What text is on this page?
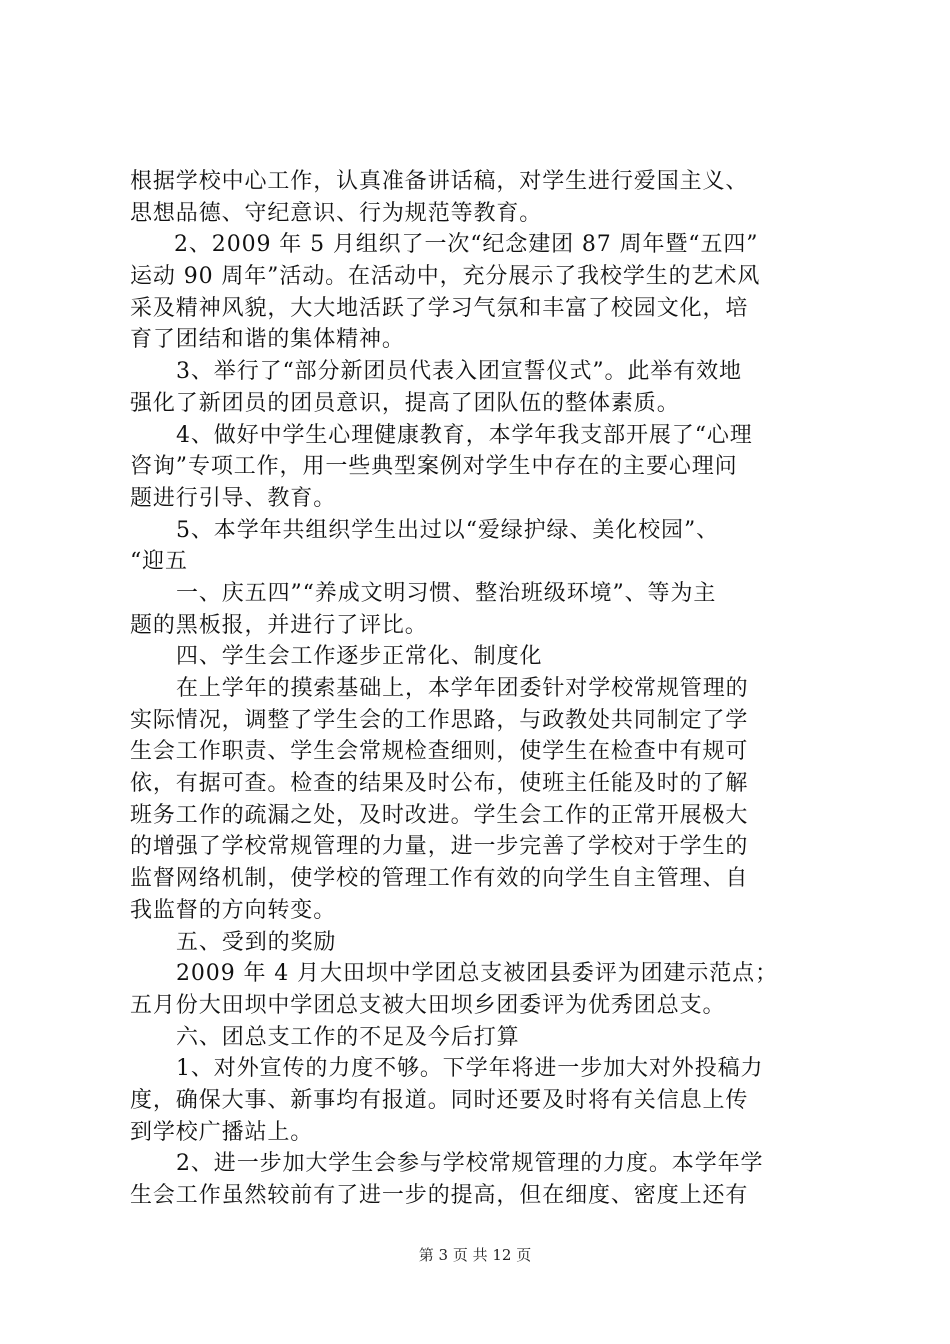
根据学校中心工作，认真准备讲话稿，对学生进行爱国主义、
思想品德、守纪意识、行为规范等教育。
2、2009 年 5 月组织了一次“纪念建团 87 周年暨“五四”
运动 90 周年”活动。在活动中，充分展示了我校学生的艺术风
采及精神风貌，大大地活跃了学习气氛和丰富了校园文化，培
育了团结和谐的集体精神。
3、举行了“部分新团员代表入团宣誓仪式”。此举有效地
强化了新团员的团员意识，提高了团队伍的整体素质。
4、做好中学生心理健康教育，本学年我支部开展了“心理
咨询”专项工作，用一些典型案例对学生中存在的主要心理问
题进行引导、教育。
5、本学年共组织学生出过以“爱绿护绿、美化校园”、
“迎五
一、庆五四”“养成文明习惯、整治班级环境”、等为主
题的黑板报，并进行了评比。
四、学生会工作逐步正常化、制度化
在上学年的摸索基础上，本学年团委针对学校常规管理的
实际情况，调整了学生会的工作思路，与政教处共同制定了学
生会工作职责、学生会常规检查细则，使学生在检查中有规可
依，有据可查。检查的结果及时公布，使班主任能及时的了解
班务工作的疏漏之处，及时改进。学生会工作的正常开展极大
的增强了学校常规管理的力量，进一步完善了学校对于学生的
监督网络机制，使学校的管理工作有效的向学生自主管理、自
我监督的方向转变。
五、受到的奖励
2009 年 4 月大田坝中学团总支被团县委评为团建示范点；
五月份大田坝中学团总支被大田坝乡团委评为优秀团总支。
六、团总支工作的不足及今后打算
1、对外宣传的力度不够。下学年将进一步加大对外投稿力
度，确保大事、新事均有报道。同时还要及时将有关信息上传
到学校广播站上。
2、进一步加大学生会参与学校常规管理的力度。本学年学
生会工作虽然较前有了进一步的提高，但在细度、密度上还有
第 3 页 共 12 页
